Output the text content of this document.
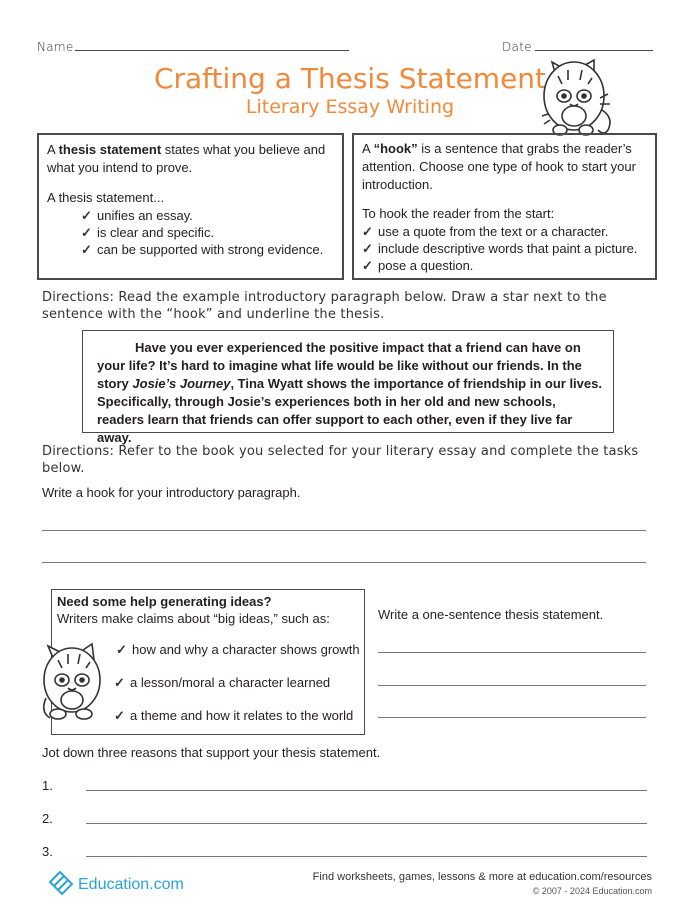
Name	Date
Crafting a Thesis Statement
Literary Essay Writing
A thesis statement states what you believe and what you intend to prove.
A thesis statement...
✓ unifies an essay.
✓ is clear and specific.
✓ can be supported with strong evidence.
A “hook” is a sentence that grabs the reader’s attention. Choose one type of hook to start your introduction.
To hook the reader from the start:
✓ use a quote from the text or a character.
✓ include descriptive words that paint a picture.
✓ pose a question.
Directions: Read the example introductory paragraph below. Draw a star next to the sentence with the “hook” and underline the thesis.
Have you ever experienced the positive impact that a friend can have on your life? It’s hard to imagine what life would be like without our friends. In the story Josie’s Journey, Tina Wyatt shows the importance of friendship in our lives. Specifically, through Josie’s experiences both in her old and new schools, readers learn that friends can offer support to each other, even if they live far away.
Directions: Refer to the book you selected for your literary essay and complete the tasks below.
Write a hook for your introductory paragraph.
Need some help generating ideas?
Writers make claims about “big ideas,” such as:
✓ how and why a character shows growth
✓ a lesson/moral a character learned
✓ a theme and how it relates to the world
Write a one-sentence thesis statement.
Jot down three reasons that support your thesis statement.
1.
2.
3.
Education.com	Find worksheets, games, lessons & more at education.com/resources
© 2007 - 2024 Education.com
